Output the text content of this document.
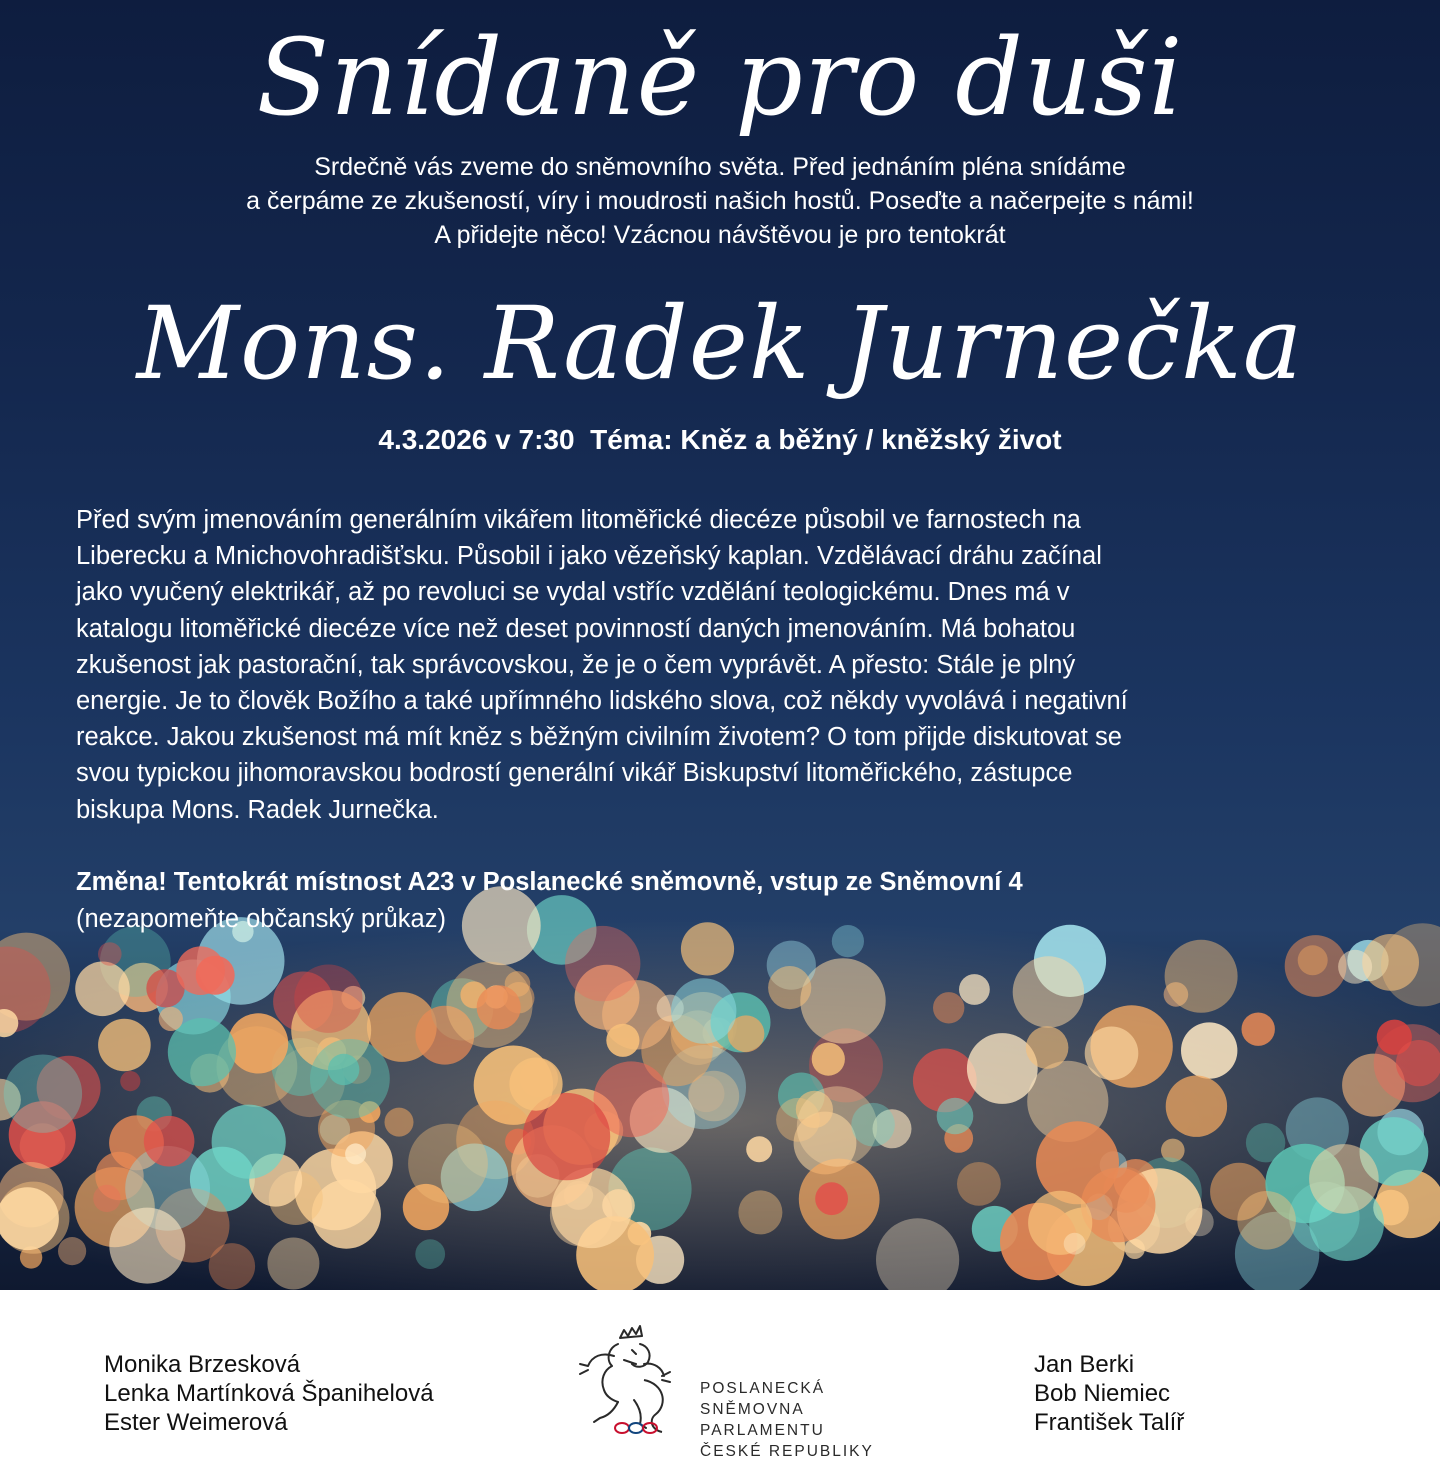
Snídaně pro duši
Srdečně vás zveme do sněmovního světa. Před jednáním pléna snídáme
a čerpáme ze zkušeností, víry i moudrosti našich hostů. Poseďte a načerpejte s námi!
A přidejte něco! Vzácnou návštěvou je pro tentokrát
Mons. Radek Jurnečka
4.3.2026 v 7:30 Téma: Kněz a běžný / kněžský život
Před svým jmenováním generálním vikářem litoměřické diecéze působil ve farnostech na
Liberecku a Mnichovohradišťsku. Působil i jako vězeňský kaplan. Vzdělávací dráhu začínal
jako vyučený elektrikář, až po revoluci se vydal vstříc vzdělání teologickému. Dnes má v
katalogu litoměřické diecéze více než deset povinností daných jmenováním. Má bohatou
zkušenost jak pastorační, tak správcovskou, že je o čem vyprávět. A přesto: Stále je plný
energie. Je to člověk Božího a také upřímného lidského slova, což někdy vyvolává i negativní
reakce. Jakou zkušenost má mít kněz s běžným civilním životem? O tom přijde diskutovat se
svou typickou jihomoravskou bodrostí generální vikář Biskupství litoměřického, zástupce
biskupa Mons. Radek Jurnečka.
Změna! Tentokrát místnost A23 v Poslanecké sněmovně, vstup ze Sněmovní 4
(nezapomeňte občanský průkaz)
Monika Brzesková
Lenka Martínková Španihelová
Ester Weimerová
POSLANECKÁ
SNĚMOVNA
PARLAMENTU
ČESKÉ REPUBLIKY
Jan Berki
Bob Niemiec
František Talíř
